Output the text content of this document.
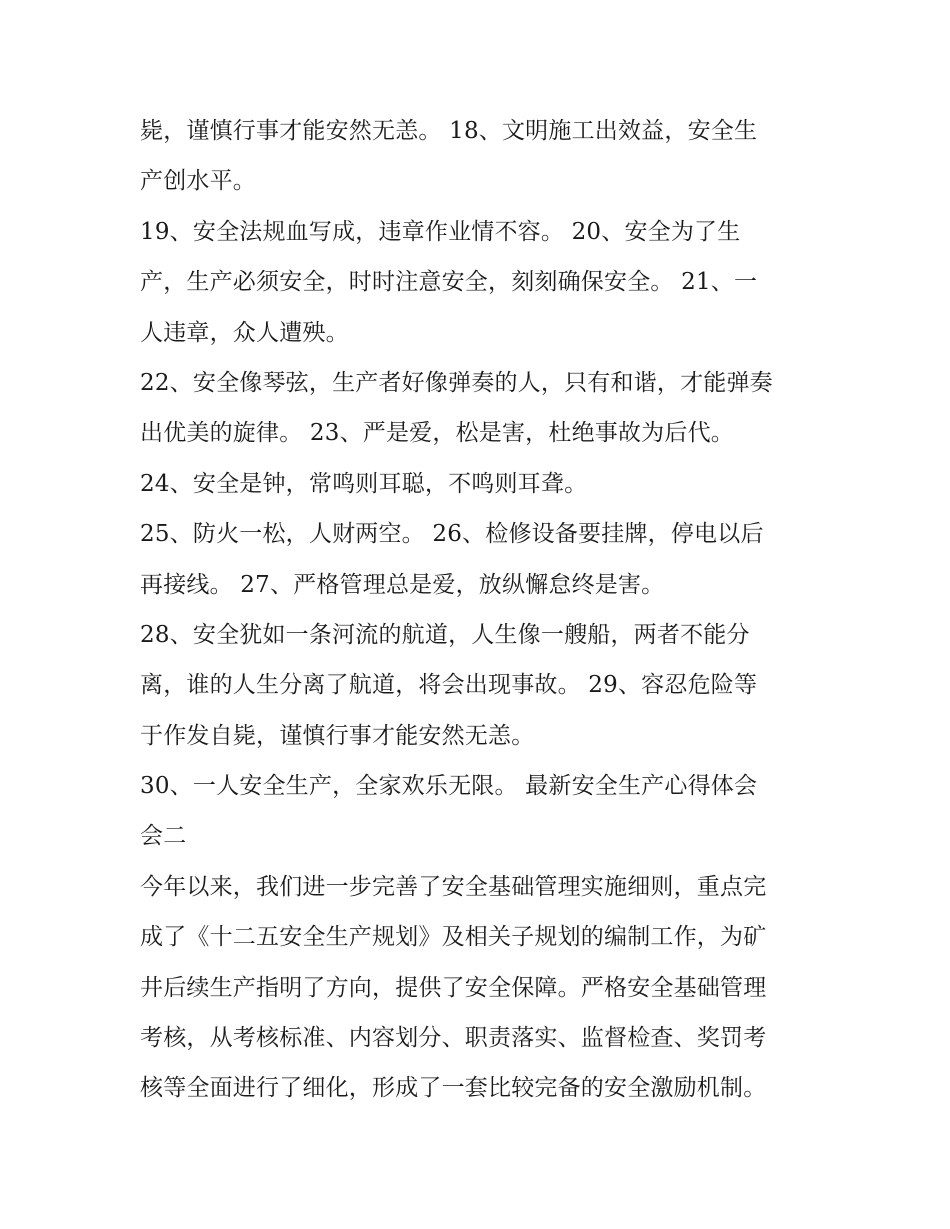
毙，谨慎行事才能安然无恙。 18、文明施工出效益，安全生
产创水平。
19、安全法规血写成，违章作业情不容。 20、安全为了生
产，生产必须安全，时时注意安全，刻刻确保安全。 21、一
人违章，众人遭殃。
22、安全像琴弦，生产者好像弹奏的人，只有和谐，才能弹奏
出优美的旋律。 23、严是爱，松是害，杜绝事故为后代。
24、安全是钟，常鸣则耳聪，不鸣则耳聋。
25、防火一松，人财两空。 26、检修设备要挂牌，停电以后
再接线。 27、严格管理总是爱，放纵懈怠终是害。
28、安全犹如一条河流的航道，人生像一艘船，两者不能分
离，谁的人生分离了航道，将会出现事故。 29、容忍危险等
于作发自毙，谨慎行事才能安然无恙。
30、一人安全生产，全家欢乐无限。 最新安全生产心得体会
会二
今年以来，我们进一步完善了安全基础管理实施细则，重点完
成了《十二五安全生产规划》及相关子规划的编制工作，为矿
井后续生产指明了方向，提供了安全保障。严格安全基础管理
考核，从考核标准、内容划分、职责落实、监督检查、奖罚考
核等全面进行了细化，形成了一套比较完备的安全激励机制。
